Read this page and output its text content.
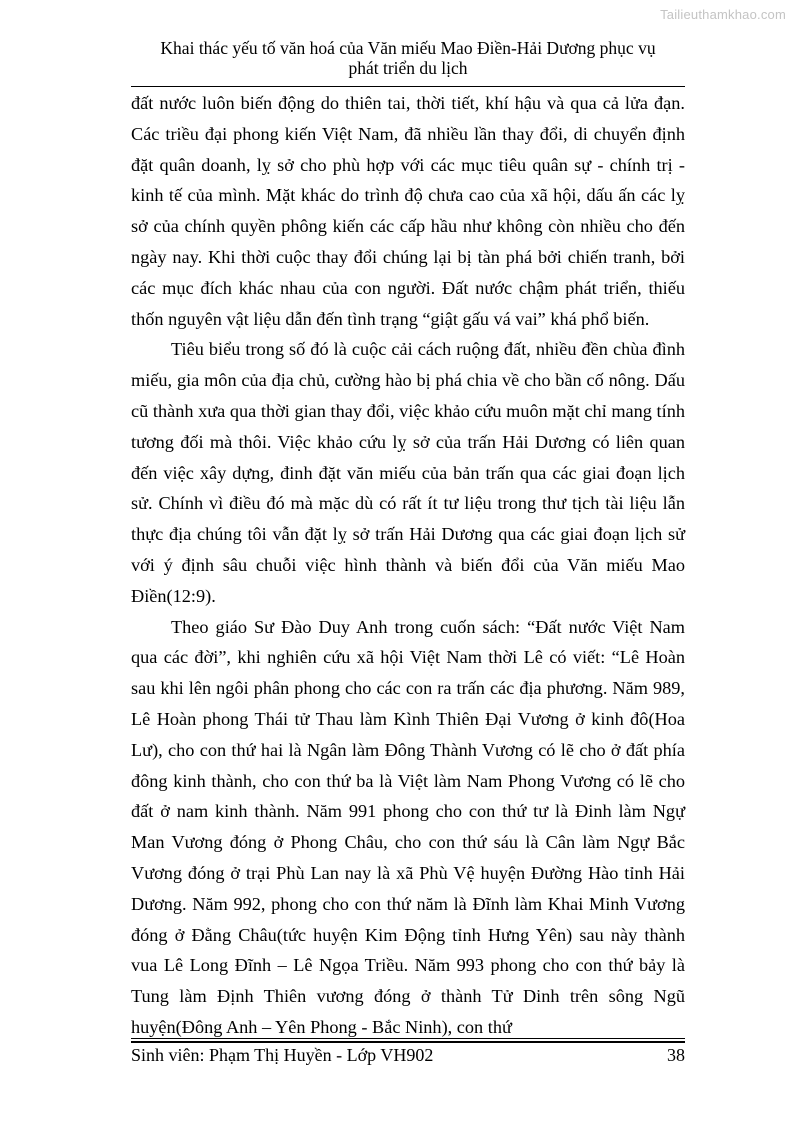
Tailieuthamkhao.com
Khai thác yếu tố văn hoá của Văn miếu Mao Điền-Hải Dương phục vụ
phát triển du lịch

đất nước luôn biến động do thiên tai, thời tiết, khí hậu và qua cả lửa đạn. Các triều đại phong kiến Việt Nam, đã nhiều lần thay đổi, di chuyển định đặt quân doanh, lỵ sở cho phù hợp với các mục tiêu quân sự - chính trị - kinh tế của mình. Mặt khác do trình độ chưa cao của xã hội, dấu ấn các lỵ sở của chính quyền phông kiến các cấp hầu như không còn nhiều cho đến ngày nay. Khi thời cuộc thay đổi chúng lại bị tàn phá bởi chiến tranh, bởi các mục đích khác nhau của con người. Đất nước chậm phát triển, thiếu thốn nguyên vật liệu dẫn đến tình trạng “giật gấu vá vai” khá phổ biến.

Tiêu biểu trong số đó là cuộc cải cách ruộng đất, nhiều đền chùa đình miếu, gia môn của địa chủ, cường hào bị phá chia về cho bần cố nông. Dấu cũ thành xưa qua thời gian thay đổi, việc khảo cứu muôn mặt chỉ mang tính tương đối mà thôi. Việc khảo cứu lỵ sở của trấn Hải Dương có liên quan đến việc xây dựng, đinh đặt văn miếu của bản trấn qua các giai đoạn lịch sử. Chính vì điều đó mà mặc dù có rất ít tư liệu trong thư tịch tài liệu lẫn thực địa chúng tôi vẫn đặt lỵ sở trấn Hải Dương qua các giai đoạn lịch sử với ý định sâu chuỗi việc hình thành và biến đổi của Văn miếu Mao Điền(12:9).

Theo giáo Sư Đào Duy Anh trong cuốn sách: “Đất nước Việt Nam qua các đời”, khi nghiên cứu xã hội Việt Nam thời Lê có viết: “Lê Hoàn sau khi lên ngôi phân phong cho các con ra trấn các địa phương. Năm 989, Lê Hoàn phong Thái tử Thau làm Kình Thiên Đại Vương ở kinh đô(Hoa Lư), cho con thứ hai là Ngân làm Đông Thành Vương có lẽ cho ở đất phía đông kinh thành, cho con thứ ba là Việt làm Nam Phong Vương có lẽ cho đất ở nam kinh thành. Năm 991 phong cho con thứ tư là Đinh làm Ngự Man Vương đóng ở Phong Châu, cho con thứ sáu là Cân làm Ngự Bắc Vương đóng ở trại Phù Lan nay là xã Phù Vệ huyện Đường Hào tỉnh Hải Dương. Năm 992, phong cho con thứ năm là Đĩnh làm Khai Minh Vương đóng ở Đằng Châu(tức huyện Kim Động tỉnh Hưng Yên) sau này thành vua Lê Long Đĩnh – Lê Ngọa Triều. Năm 993 phong cho con thứ bảy là Tung làm Định Thiên vương đóng ở thành Tử Dinh trên sông Ngũ huyện(Đông Anh – Yên Phong - Bắc Ninh), con thứ

Sinh viên: Phạm Thị Huyền - Lớp VH902	38
